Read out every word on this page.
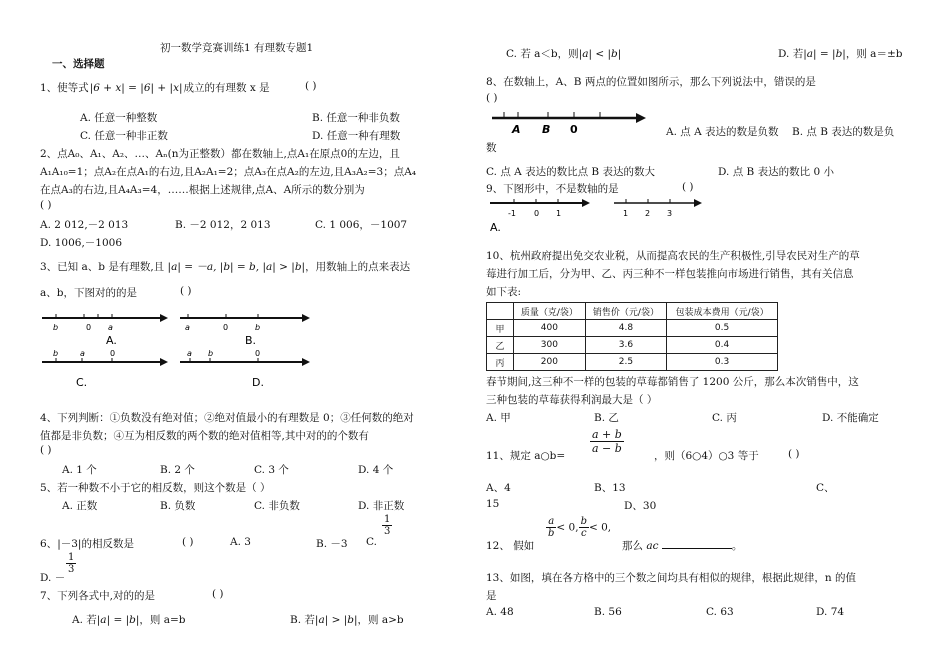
初一数学竞赛训练1 有理数专题1
一、选择题
1、使等式|6 + x| = |6| + |x|成立的有理数 x 是	( )
A. 任意一种整数	B. 任意一种非负数
C. 任意一种非正数	D. 任意一种有理数
2、点A₀、A₁、A₂、…、Aₙ(n为正整数）都在数轴上,点A₁在原点0的左边，且
A₁A₁₀=1；点A₂在点A₁的右边,且A₂A₁=2；点A₃在点A₂的左边,且A₃A₂=3；点A₄
在点A₃的右边,且A₄A₃=4，……根据上述规律,点A、A所示的数分别为
( )
A. 2 012,－2 013	B. －2 012，2 013	C. 1 006，－1007
D. 1006,－1006
3、已知 a、b 是有理数,且 |a| = －a, |b| = b, |a| > |b|，用数轴上的点来表达
a、b，下图对的的是	( )
b	0 a
A.
a	0	b
B.
b	a	0
C.
a b	0
D.
4、下列判断：①负数没有绝对值；②绝对值最小的有理数是 0；③任何数的绝对
值都是非负数；④互为相反数的两个数的绝对值相等,其中对的的个数有
( )
A. 1 个	B. 2 个	C. 3 个	D. 4 个
5、若一种数不小于它的相反数，则这个数是（ ）
A. 正数	B. 负数	C. 非负数	D. 非正数
6、|－3|的相反数是	( )	A. 3	B. －3 C.
$\frac{1}{3}$
D. －
$\frac{1}{3}$
7、下列各式中,对的的是	( )
A. 若|a| = |b|，则 a=b	B. 若|a| > |b|，则 a>b
C. 若 a＜b，则|a| < |b|	D. 若|a| = |b|，则 a＝±b
8、在数轴上，A、B 两点的位置如图所示，那么下列说法中，错误的是
( )
A B 0	A. 点 A 表达的数是负数 B. 点 B 表达的数是负
数
C. 点 A 表达的数比点 B 表达的数大	D. 点 B 表达的数比 0 小
9、下图形中，不是数轴的是	( )
-1 0 1
A.
1 2 3
10、杭州政府提出免交农业税，从而提高农民的生产积极性,引导农民对生产的草
莓进行加工后，分为甲、乙、丙三种不一样包装推向市场进行销售，其有关信息
如下表:
	质量（克/袋）	销售价（元/袋）	包装成本费用（元/袋）
甲	400	4.8	0.5
乙	300	3.6	0.4
丙	200	2.5	0.3
春节期间,这三种不一样的包装的草莓都销售了 1200 公斤，那么本次销售中，这
三种包装的草莓获得利润最大是（ ）
A. 甲	B. 乙	C. 丙	D. 不能确定
11、规定 a○b=
$\frac{a + b}{a - b}$
，则（6○4）○3 等于	( )
A、4	B、13	C、
15	D、30
12、 假如
$\frac{a}{b} < 0$, $\frac{b}{c} < 0$,
那么 ac	。
13、如图，填在各方格中的三个数之间均具有相似的规律，根据此规律，n 的值
是
A. 48	B. 56	C. 63	D. 74
